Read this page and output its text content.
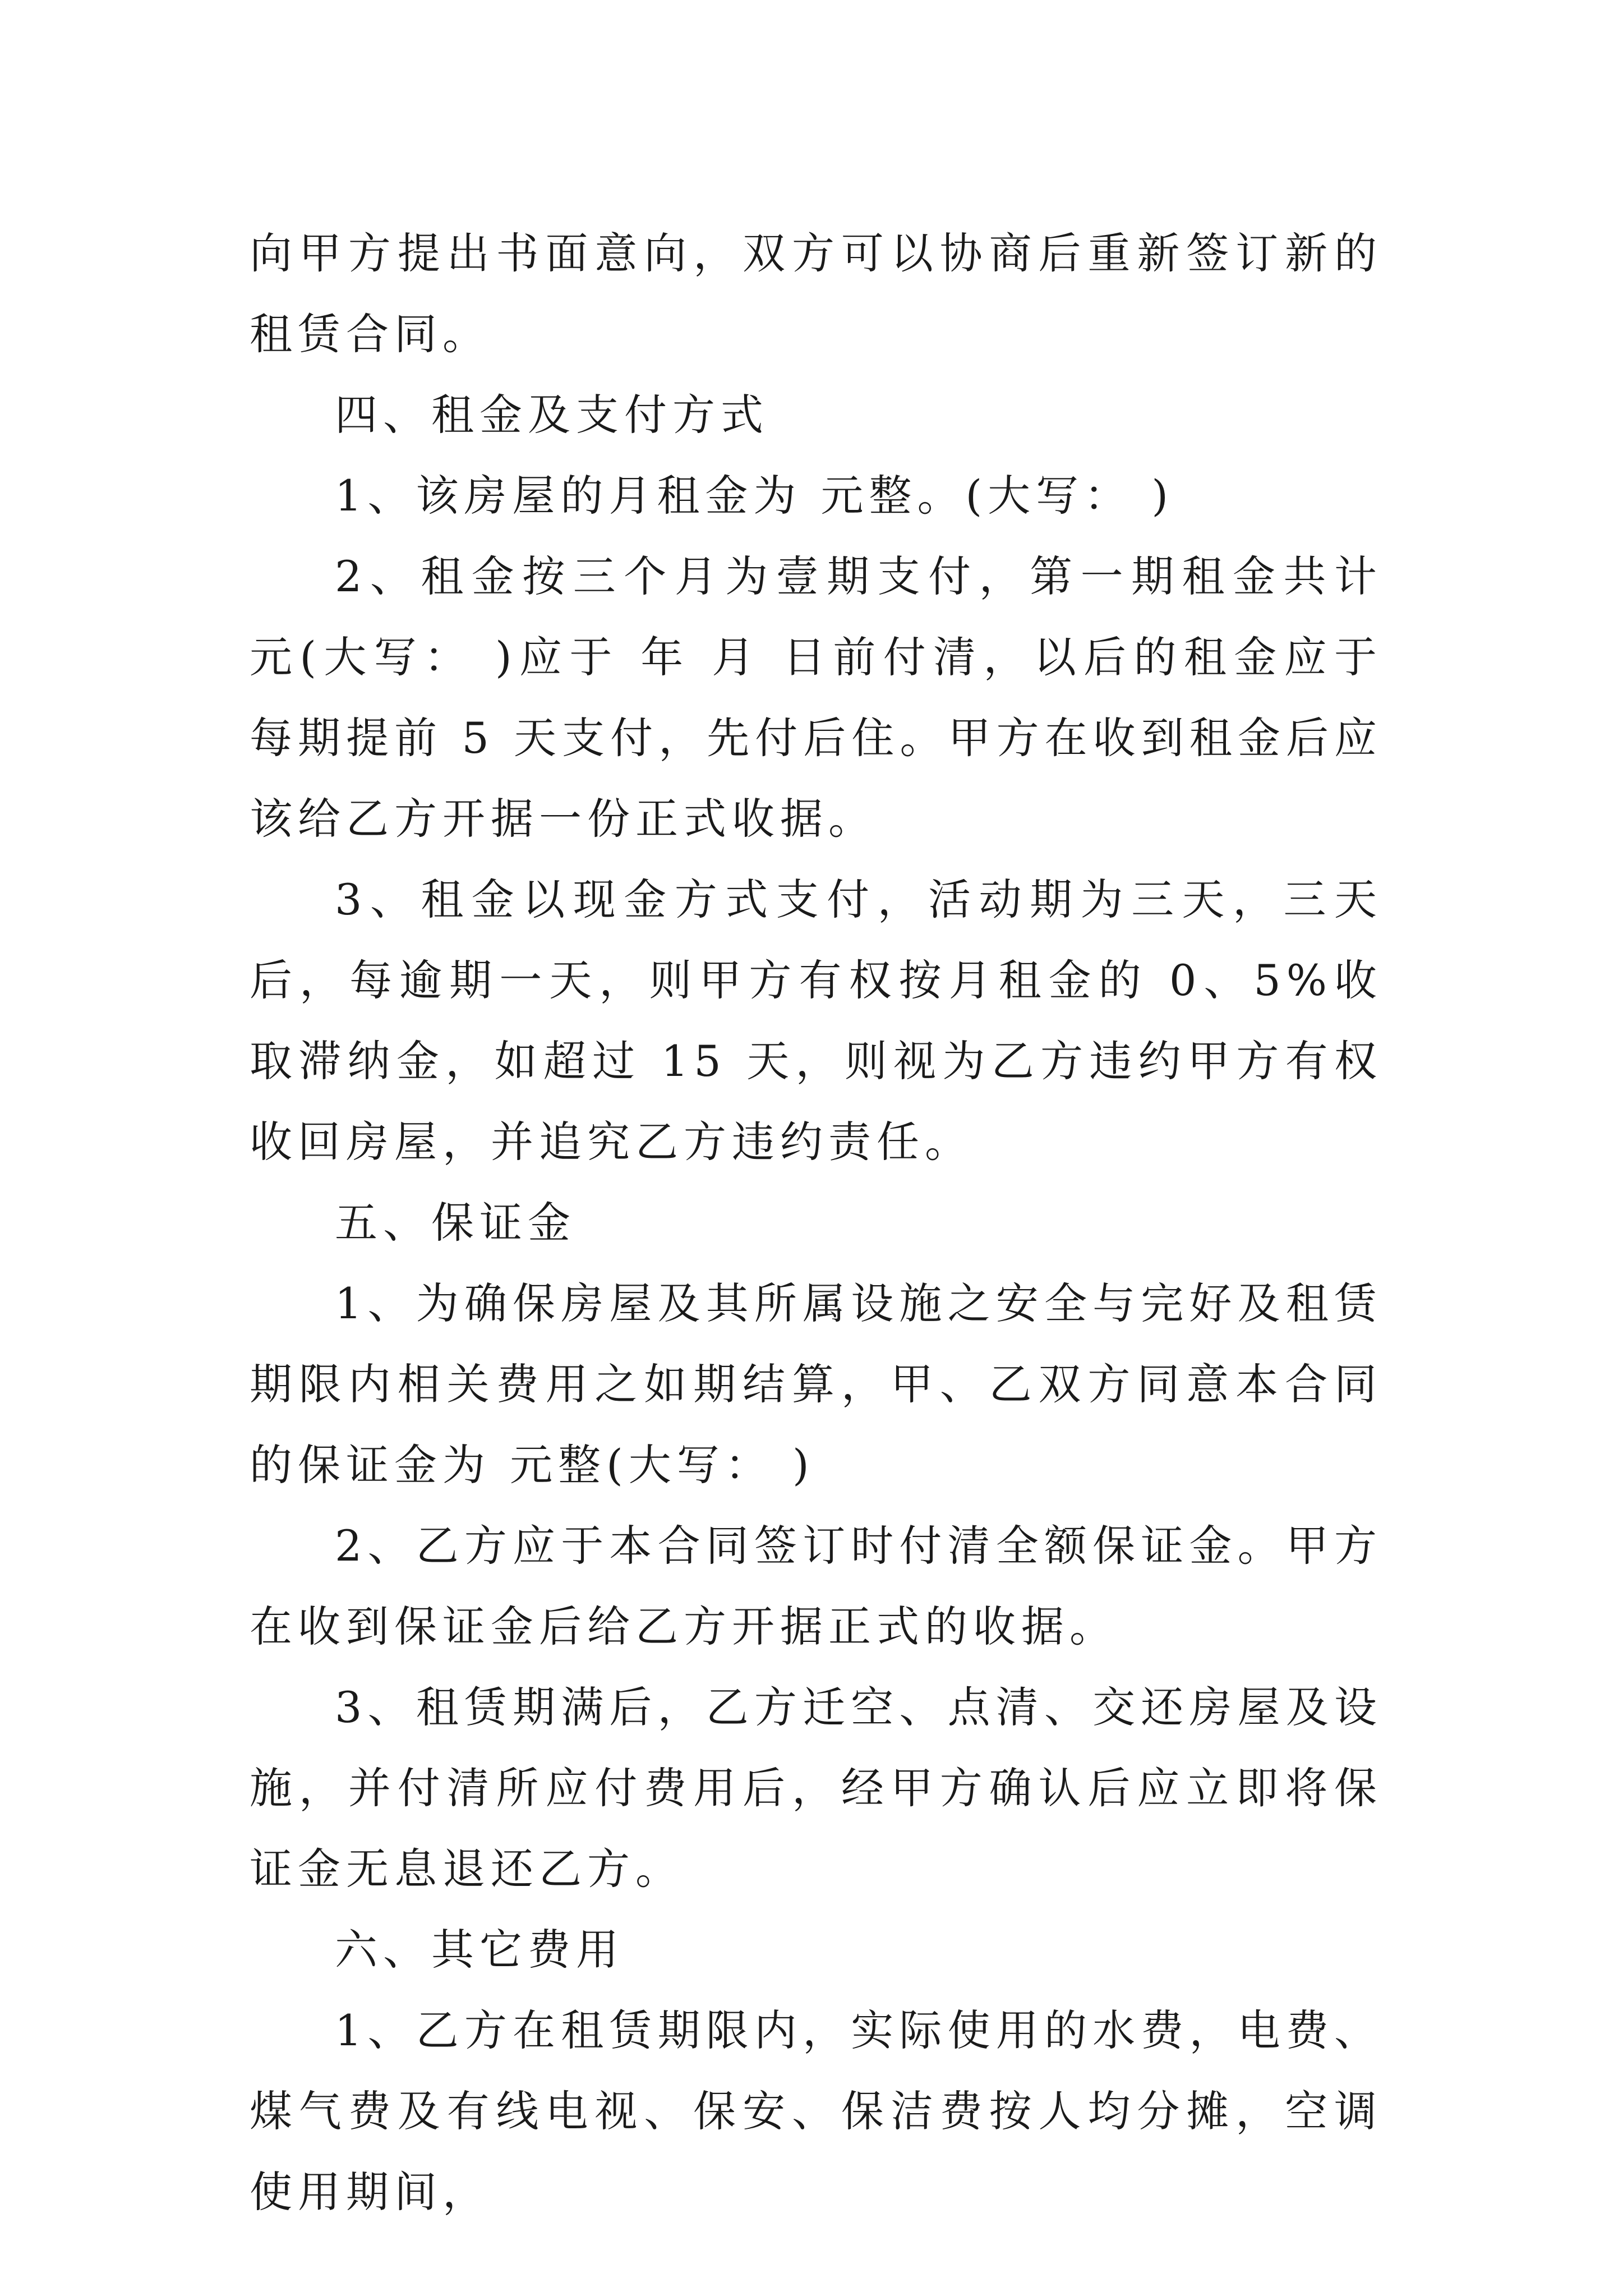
向甲方提出书面意向，双方可以协商后重新签订新的租赁合同。

四、租金及支付方式

1、该房屋的月租金为 元整。(大写： )

2、租金按三个月为壹期支付，第一期租金共计 元(大写： )应于 年 月 日前付清，以后的租金应于每期提前 5 天支付，先付后住。甲方在收到租金后应该给乙方开据一份正式收据。

3、租金以现金方式支付，活动期为三天，三天后，每逾期一天，则甲方有权按月租金的 0、5%收取滞纳金，如超过 15 天，则视为乙方违约甲方有权收回房屋，并追究乙方违约责任。

五、保证金

1、为确保房屋及其所属设施之安全与完好及租赁期限内相关费用之如期结算，甲、乙双方同意本合同的保证金为 元整(大写： )

2、乙方应于本合同签订时付清全额保证金。甲方在收到保证金后给乙方开据正式的收据。

3、租赁期满后，乙方迁空、点清、交还房屋及设施，并付清所应付费用后，经甲方确认后应立即将保证金无息退还乙方。

六、其它费用

1、乙方在租赁期限内，实际使用的水费，电费、煤气费及有线电视、保安、保洁费按人均分摊，空调使用期间，
